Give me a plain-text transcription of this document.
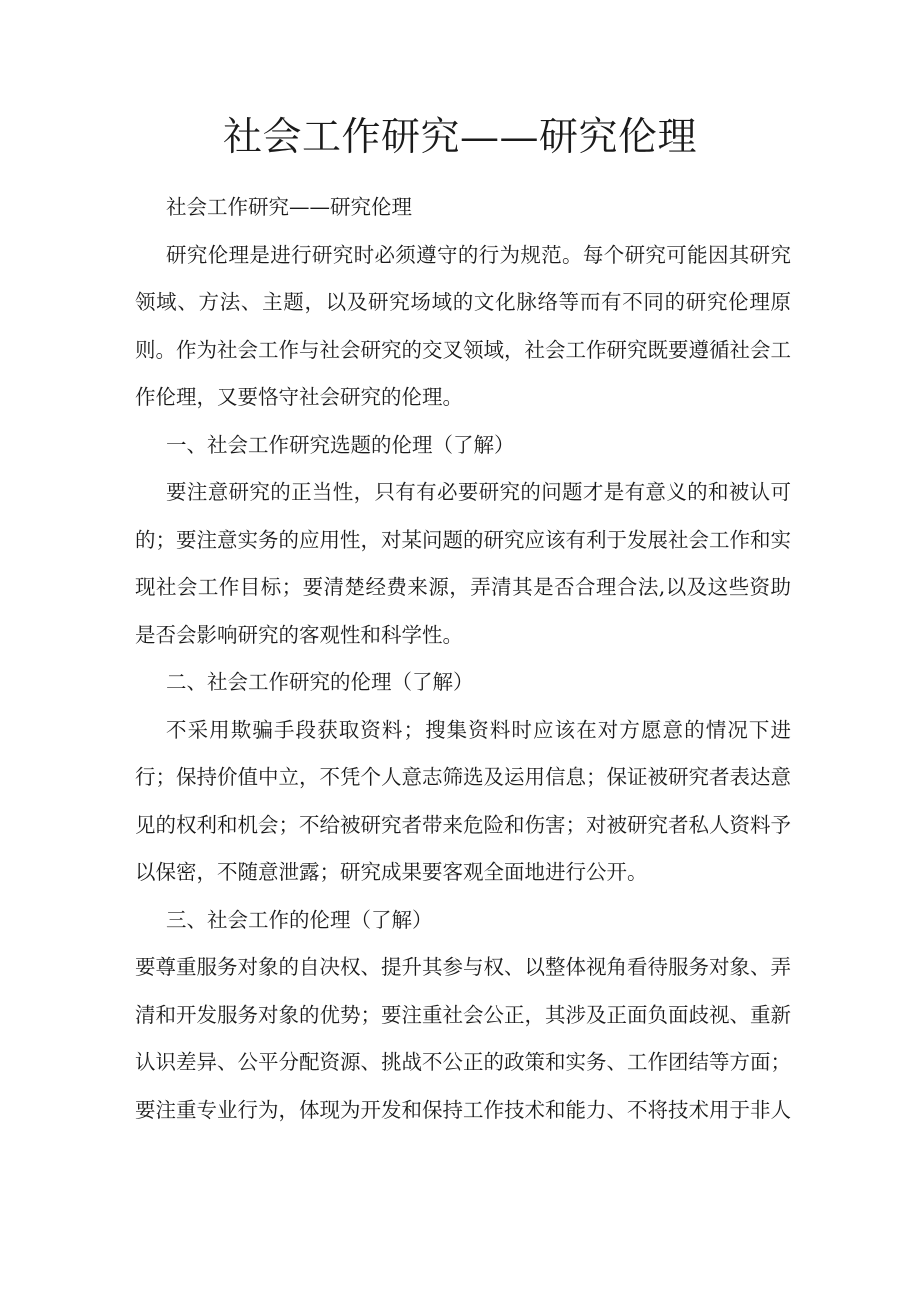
社会工作研究——研究伦理

社会工作研究——研究伦理

研究伦理是进行研究时必须遵守的行为规范。每个研究可能因其研究领域、方法、主题，以及研究场域的文化脉络等而有不同的研究伦理原则。作为社会工作与社会研究的交叉领域，社会工作研究既要遵循社会工作伦理，又要恪守社会研究的伦理。

一、社会工作研究选题的伦理（了解）

要注意研究的正当性，只有有必要研究的问题才是有意义的和被认可的；要注意实务的应用性，对某问题的研究应该有利于发展社会工作和实现社会工作目标；要清楚经费来源，弄清其是否合理合法,以及这些资助是否会影响研究的客观性和科学性。

二、社会工作研究的伦理（了解）

不采用欺骗手段获取资料；搜集资料时应该在对方愿意的情况下进行；保持价值中立，不凭个人意志筛选及运用信息；保证被研究者表达意见的权利和机会；不给被研究者带来危险和伤害；对被研究者私人资料予以保密，不随意泄露；研究成果要客观全面地进行公开。

三、社会工作的伦理（了解）

要尊重服务对象的自决权、提升其参与权、以整体视角看待服务对象、弄清和开发服务对象的优势；要注重社会公正，其涉及正面负面歧视、重新认识差异、公平分配资源、挑战不公正的政策和实务、工作团结等方面；要注重专业行为，体现为开发和保持工作技术和能力、不将技术用于非人
